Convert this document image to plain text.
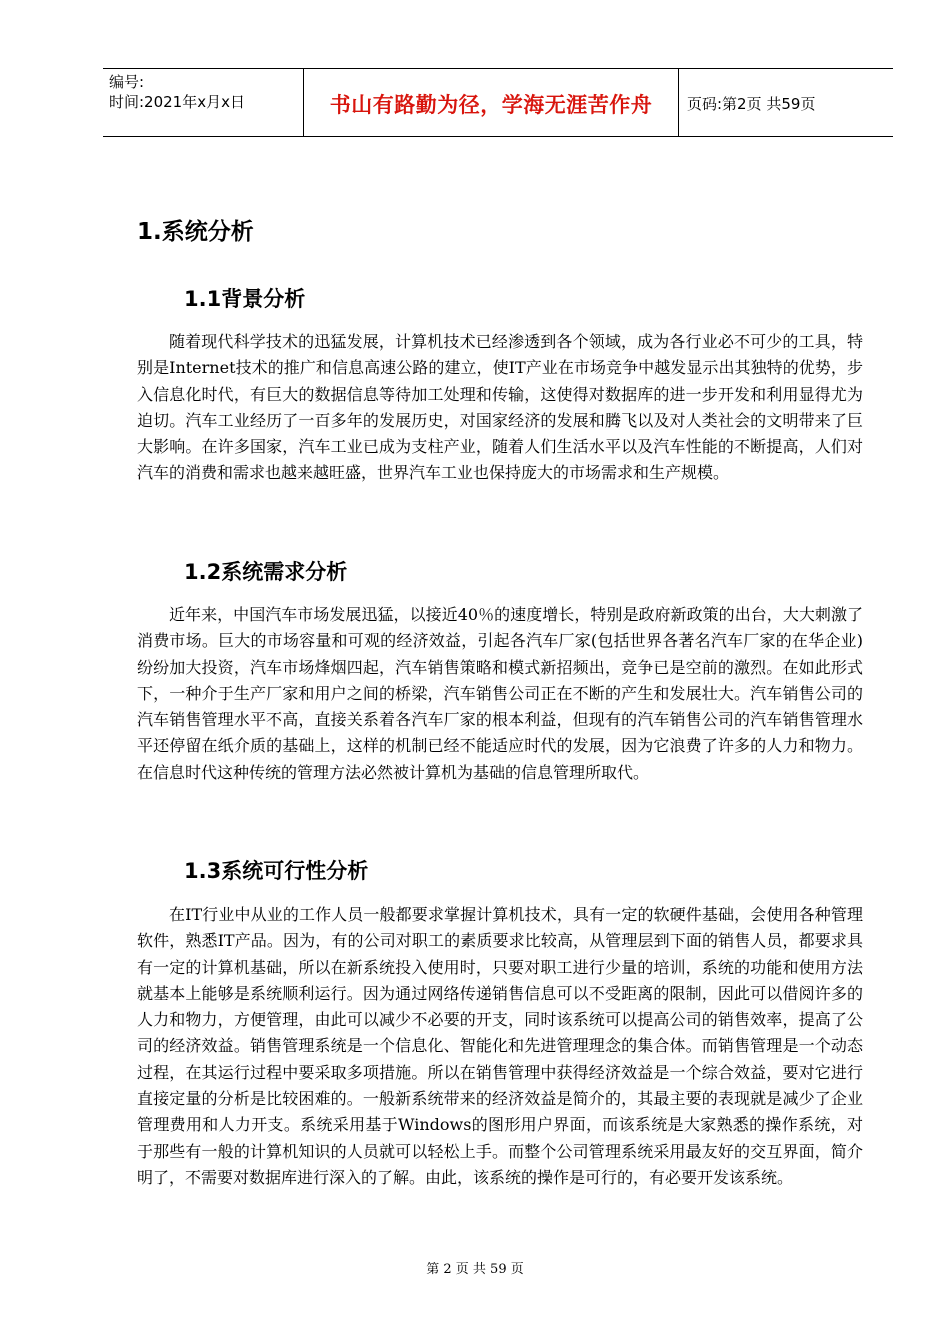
编号:
时间:2021年x月x日	书山有路勤为径，学海无涯苦作舟	页码:第2页 共59页
1.系统分析
1.1背景分析

随着现代科学技术的迅猛发展，计算机技术已经渗透到各个领域，成为各行业必不可少的工具，特别是Internet技术的推广和信息高速公路的建立，使IT产业在市场竞争中越发显示出其独特的优势，步入信息化时代，有巨大的数据信息等待加工处理和传输，这使得对数据库的进一步开发和利用显得尤为迫切。汽车工业经历了一百多年的发展历史，对国家经济的发展和腾飞以及对人类社会的文明带来了巨大影响。在许多国家，汽车工业已成为支柱产业，随着人们生活水平以及汽车性能的不断提高，人们对汽车的消费和需求也越来越旺盛，世界汽车工业也保持庞大的市场需求和生产规模。

1.2系统需求分析

近年来，中国汽车市场发展迅猛，以接近40％的速度增长，特别是政府新政策的出台，大大刺激了消费市场。巨大的市场容量和可观的经济效益，引起各汽车厂家(包括世界各著名汽车厂家的在华企业)纷纷加大投资，汽车市场烽烟四起，汽车销售策略和模式新招频出，竞争已是空前的激烈。在如此形式下，一种介于生产厂家和用户之间的桥梁，汽车销售公司正在不断的产生和发展壮大。汽车销售公司的汽车销售管理水平不高，直接关系着各汽车厂家的根本利益，但现有的汽车销售公司的汽车销售管理水平还停留在纸介质的基础上，这样的机制已经不能适应时代的发展，因为它浪费了许多的人力和物力。在信息时代这种传统的管理方法必然被计算机为基础的信息管理所取代。

1.3系统可行性分析

在IT行业中从业的工作人员一般都要求掌握计算机技术，具有一定的软硬件基础，会使用各种管理软件，熟悉IT产品。因为，有的公司对职工的素质要求比较高，从管理层到下面的销售人员，都要求具有一定的计算机基础，所以在新系统投入使用时，只要对职工进行少量的培训，系统的功能和使用方法就基本上能够是系统顺利运行。因为通过网络传递销售信息可以不受距离的限制，因此可以借阅许多的人力和物力，方便管理，由此可以减少不必要的开支，同时该系统可以提高公司的销售效率，提高了公司的经济效益。销售管理系统是一个信息化、智能化和先进管理理念的集合体。而销售管理是一个动态过程，在其运行过程中要采取多项措施。所以在销售管理中获得经济效益是一个综合效益，要对它进行直接定量的分析是比较困难的。一般新系统带来的经济效益是简介的，其最主要的表现就是减少了企业管理费用和人力开支。系统采用基于Windows的图形用户界面，而该系统是大家熟悉的操作系统，对于那些有一般的计算机知识的人员就可以轻松上手。而整个公司管理系统采用最友好的交互界面，简介明了，不需要对数据库进行深入的了解。由此，该系统的操作是可行的，有必要开发该系统。

第 2 页 共 59 页
